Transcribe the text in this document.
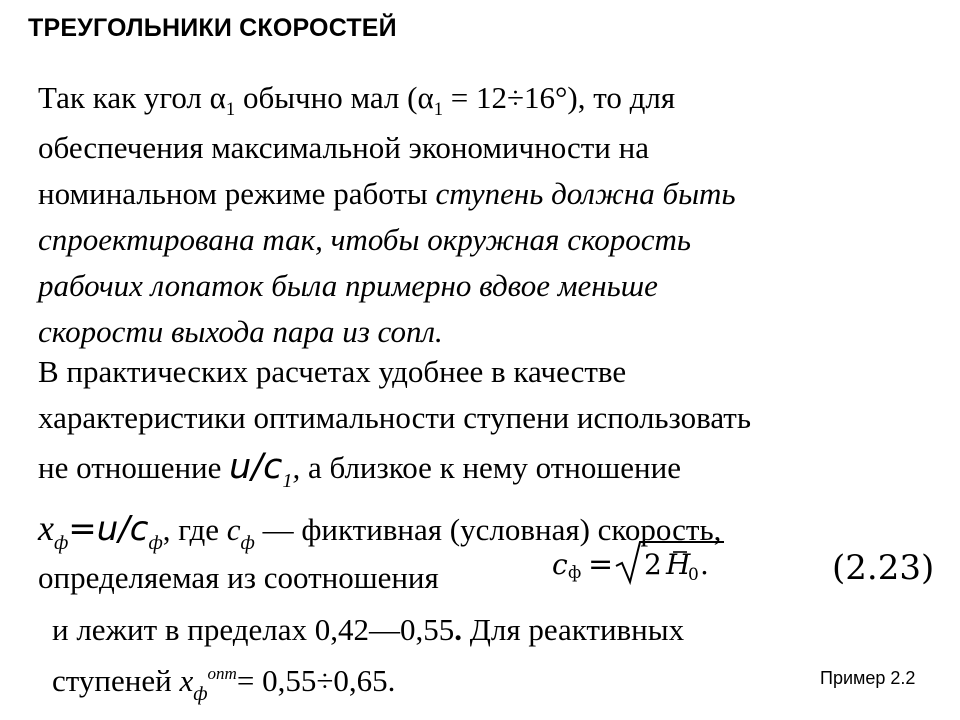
ТРЕУГОЛЬНИКИ СКОРОСТЕЙ
Так как угол $\alpha_1$ обычно мал $(\alpha_1 = 12\div 16^\circ)$, то для
обеспечения максимальной экономичности на
номинальном режиме работы ступень должна быть
спроектирована так, чтобы окружная скорость
рабочих лопаток была примерно вдвое меньше
скорости выхода пара из сопл.
В практических расчетах удобнее в качестве
характеристики оптимальности ступени использовать
не отношение $u/c_1$, а близкое к нему отношение
$x_ф=u/c_ф$, где $c_ф$ — фиктивная (условная) скорость,
определяемая из соотношения	c ф = 2 H
0 .	(2.23)
и лежит в пределах 0,42—0,55. Для реактивных
ступеней $x_ф^{опт}= 0,55\div 0,65$.	Пример 2.2
